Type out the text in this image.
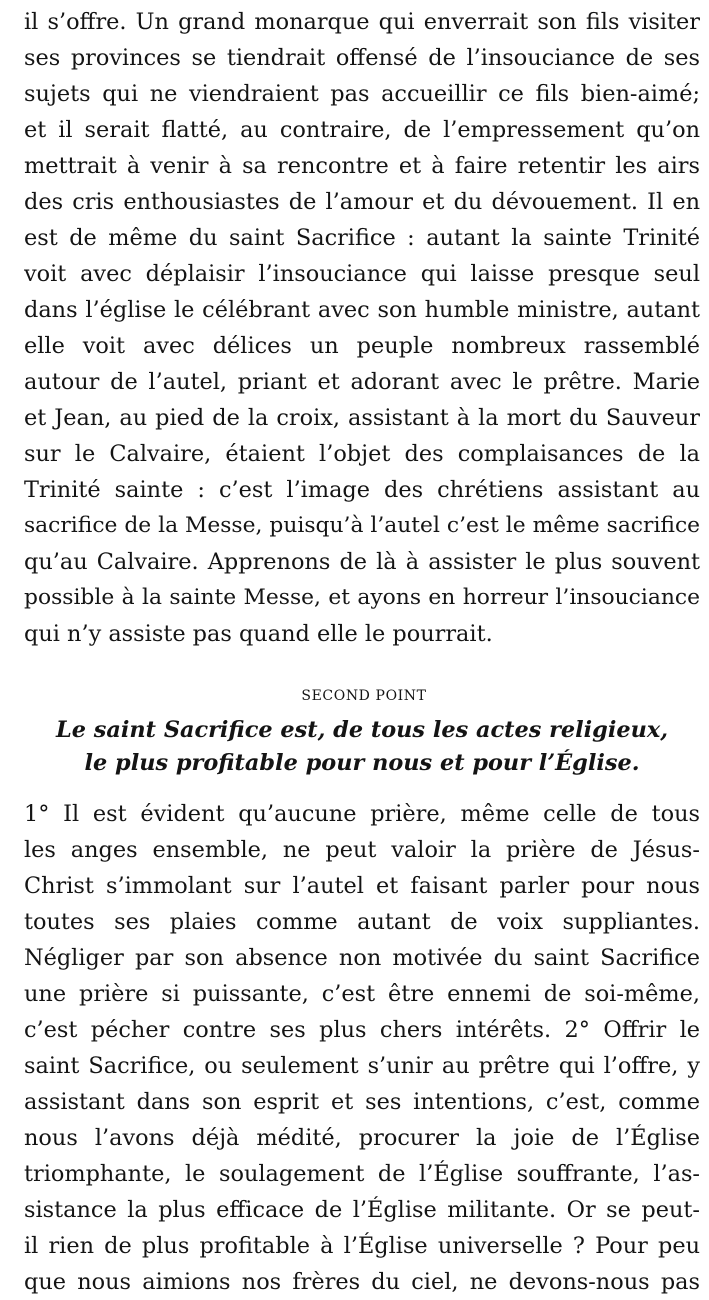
il s’offre. Un grand monarque qui enverrait son fils visiter
ses provinces se tiendrait offensé de l’insouciance de ses
sujets qui ne viendraient pas accueillir ce fils bien-aimé;
et il serait flatté, au contraire, de l’empressement qu’on
mettrait à venir à sa rencontre et à faire retentir les airs
des cris enthousiastes de l’amour et du dévouement. Il en
est de même du saint Sacrifice : autant la sainte Trinité
voit avec déplaisir l’insouciance qui laisse presque seul
dans l’église le célébrant avec son humble ministre, autant
elle voit avec délices un peuple nombreux rassemblé
autour de l’autel, priant et adorant avec le prêtre. Marie
et Jean, au pied de la croix, assistant à la mort du Sauveur
sur le Calvaire, étaient l’objet des complaisances de la
Trinité sainte : c’est l’image des chrétiens assistant au
sacrifice de la Messe, puisqu’à l’autel c’est le même sacrifice
qu’au Calvaire. Apprenons de là à assister le plus souvent
possible à la sainte Messe, et ayons en horreur l’insouciance
qui n’y assiste pas quand elle le pourrait.
SECOND POINT
Le saint Sacrifice est, de tous les actes religieux,
le plus profitable pour nous et pour l’Église.
1° Il est évident qu’aucune prière, même celle de tous
les anges ensemble, ne peut valoir la prière de Jésus-
Christ s’immolant sur l’autel et faisant parler pour nous
toutes ses plaies comme autant de voix suppliantes.
Négliger par son absence non motivée du saint Sacrifice
une prière si puissante, c’est être ennemi de soi-même,
c’est pécher contre ses plus chers intérêts. 2° Offrir le
saint Sacrifice, ou seulement s’unir au prêtre qui l’offre, y
assistant dans son esprit et ses intentions, c’est, comme
nous l’avons déjà médité, procurer la joie de l’Église
triomphante, le soulagement de l’Église souffrante, l’as-
sistance la plus efficace de l’Église militante. Or se peut-
il rien de plus profitable à l’Église universelle ? Pour peu
que nous aimions nos frères du ciel, ne devons-nous pas
